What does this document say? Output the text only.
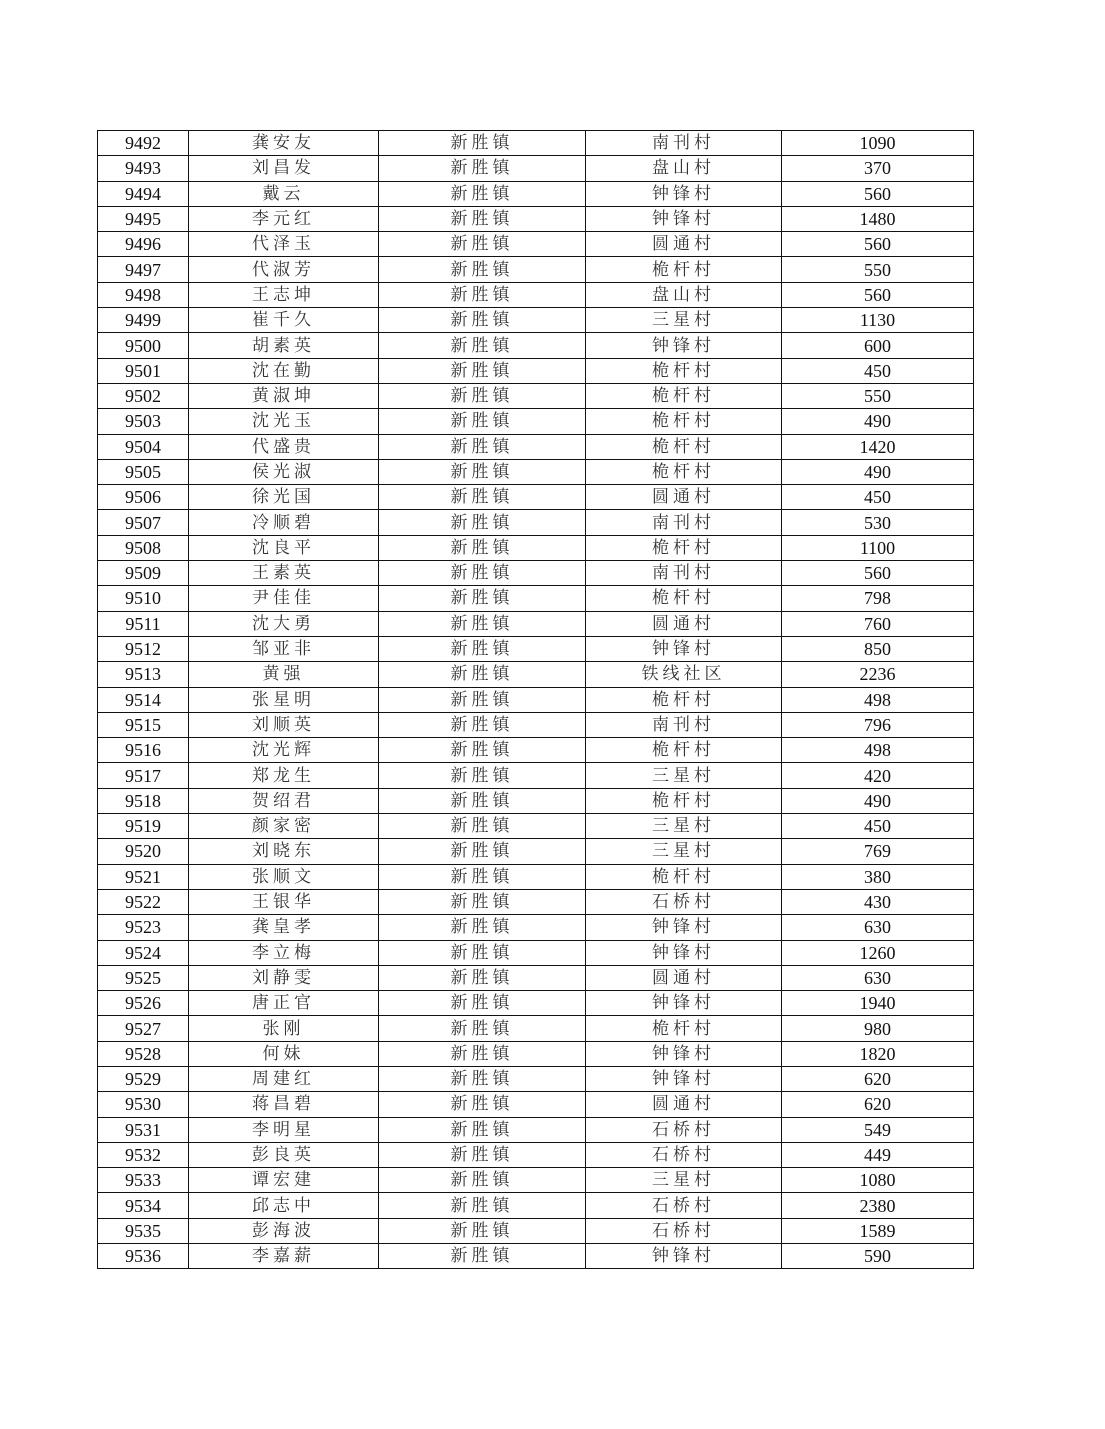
9492	龚安友	新胜镇	南刊村	1090
9493	刘昌发	新胜镇	盘山村	370
9494	戴云	新胜镇	钟锋村	560
9495	李元红	新胜镇	钟锋村	1480
9496	代泽玉	新胜镇	圆通村	560
9497	代淑芳	新胜镇	桅杆村	550
9498	王志坤	新胜镇	盘山村	560
9499	崔千久	新胜镇	三星村	1130
9500	胡素英	新胜镇	钟锋村	600
9501	沈在勤	新胜镇	桅杆村	450
9502	黄淑坤	新胜镇	桅杆村	550
9503	沈光玉	新胜镇	桅杆村	490
9504	代盛贵	新胜镇	桅杆村	1420
9505	侯光淑	新胜镇	桅杆村	490
9506	徐光国	新胜镇	圆通村	450
9507	冷顺碧	新胜镇	南刊村	530
9508	沈良平	新胜镇	桅杆村	1100
9509	王素英	新胜镇	南刊村	560
9510	尹佳佳	新胜镇	桅杆村	798
9511	沈大勇	新胜镇	圆通村	760
9512	邹亚非	新胜镇	钟锋村	850
9513	黄强	新胜镇	铁线社区	2236
9514	张星明	新胜镇	桅杆村	498
9515	刘顺英	新胜镇	南刊村	796
9516	沈光辉	新胜镇	桅杆村	498
9517	郑龙生	新胜镇	三星村	420
9518	贺绍君	新胜镇	桅杆村	490
9519	颜家密	新胜镇	三星村	450
9520	刘晓东	新胜镇	三星村	769
9521	张顺文	新胜镇	桅杆村	380
9522	王银华	新胜镇	石桥村	430
9523	龚皇孝	新胜镇	钟锋村	630
9524	李立梅	新胜镇	钟锋村	1260
9525	刘静雯	新胜镇	圆通村	630
9526	唐正官	新胜镇	钟锋村	1940
9527	张刚	新胜镇	桅杆村	980
9528	何妹	新胜镇	钟锋村	1820
9529	周建红	新胜镇	钟锋村	620
9530	蒋昌碧	新胜镇	圆通村	620
9531	李明星	新胜镇	石桥村	549
9532	彭良英	新胜镇	石桥村	449
9533	谭宏建	新胜镇	三星村	1080
9534	邱志中	新胜镇	石桥村	2380
9535	彭海波	新胜镇	石桥村	1589
9536	李嘉薪	新胜镇	钟锋村	590
